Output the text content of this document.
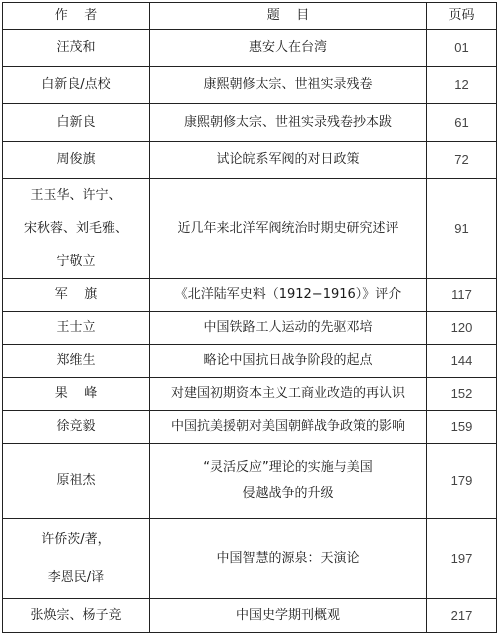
作    者	题    目	页码

汪茂和	惠安人在台湾	01

白新良/点校	康熙朝修太宗、世祖实录残卷	12

白新良	康熙朝修太宗、世祖实录残卷抄本跋	61

周俊旗	试论皖系军阀的对日政策	72

王玉华、许宁、
宋秋蓉、刘毛雅、
宁敬立	近几年来北洋军阀统治时期史研究述评	91

军    旗	《北洋陆军史料（1912−1916）》评介	117

王士立	中国铁路工人运动的先驱邓培	120

郑维生	略论中国抗日战争阶段的起点	144

果    峰	对建国初期资本主义工商业改造的再认识	152

徐竞毅	中国抗美援朝对美国朝鲜战争政策的影响	159

原祖杰	“灵活反应”理论的实施与美国
侵越战争的升级	179

许侨茨/著，
李恩民/译	中国智慧的源泉：天演论	197

张焕宗、杨子竞	中国史学期刊概观	217
